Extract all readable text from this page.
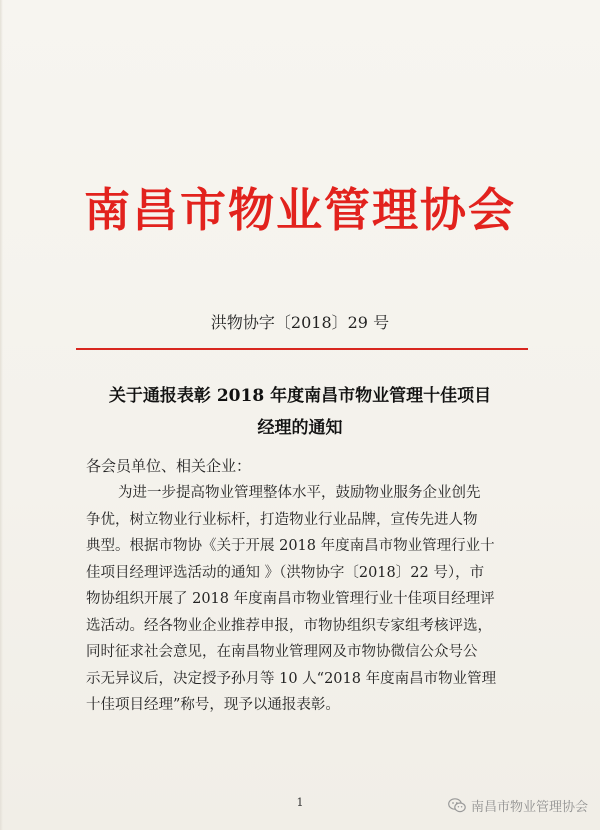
南昌市物业管理协会
洪物协字〔2018〕29 号
关于通报表彰 2018 年度南昌市物业管理十佳项目
经理的通知
各会员单位、相关企业：
为进一步提高物业管理整体水平，鼓励物业服务企业创先
争优，树立物业行业标杆，打造物业行业品牌，宣传先进人物
典型。根据市物协《关于开展 2018 年度南昌市物业管理行业十
佳项目经理评选活动的通知 》（洪物协字〔2018〕22 号），市
物协组织开展了 2018 年度南昌市物业管理行业十佳项目经理评
选活动。经各物业企业推荐申报，市物协组织专家组考核评选，
同时征求社会意见，在南昌物业管理网及市物协微信公众号公
示无异议后，决定授予孙月等 10 人“2018 年度南昌市物业管理
十佳项目经理”称号，现予以通报表彰。
1	南昌市物业管理协会
